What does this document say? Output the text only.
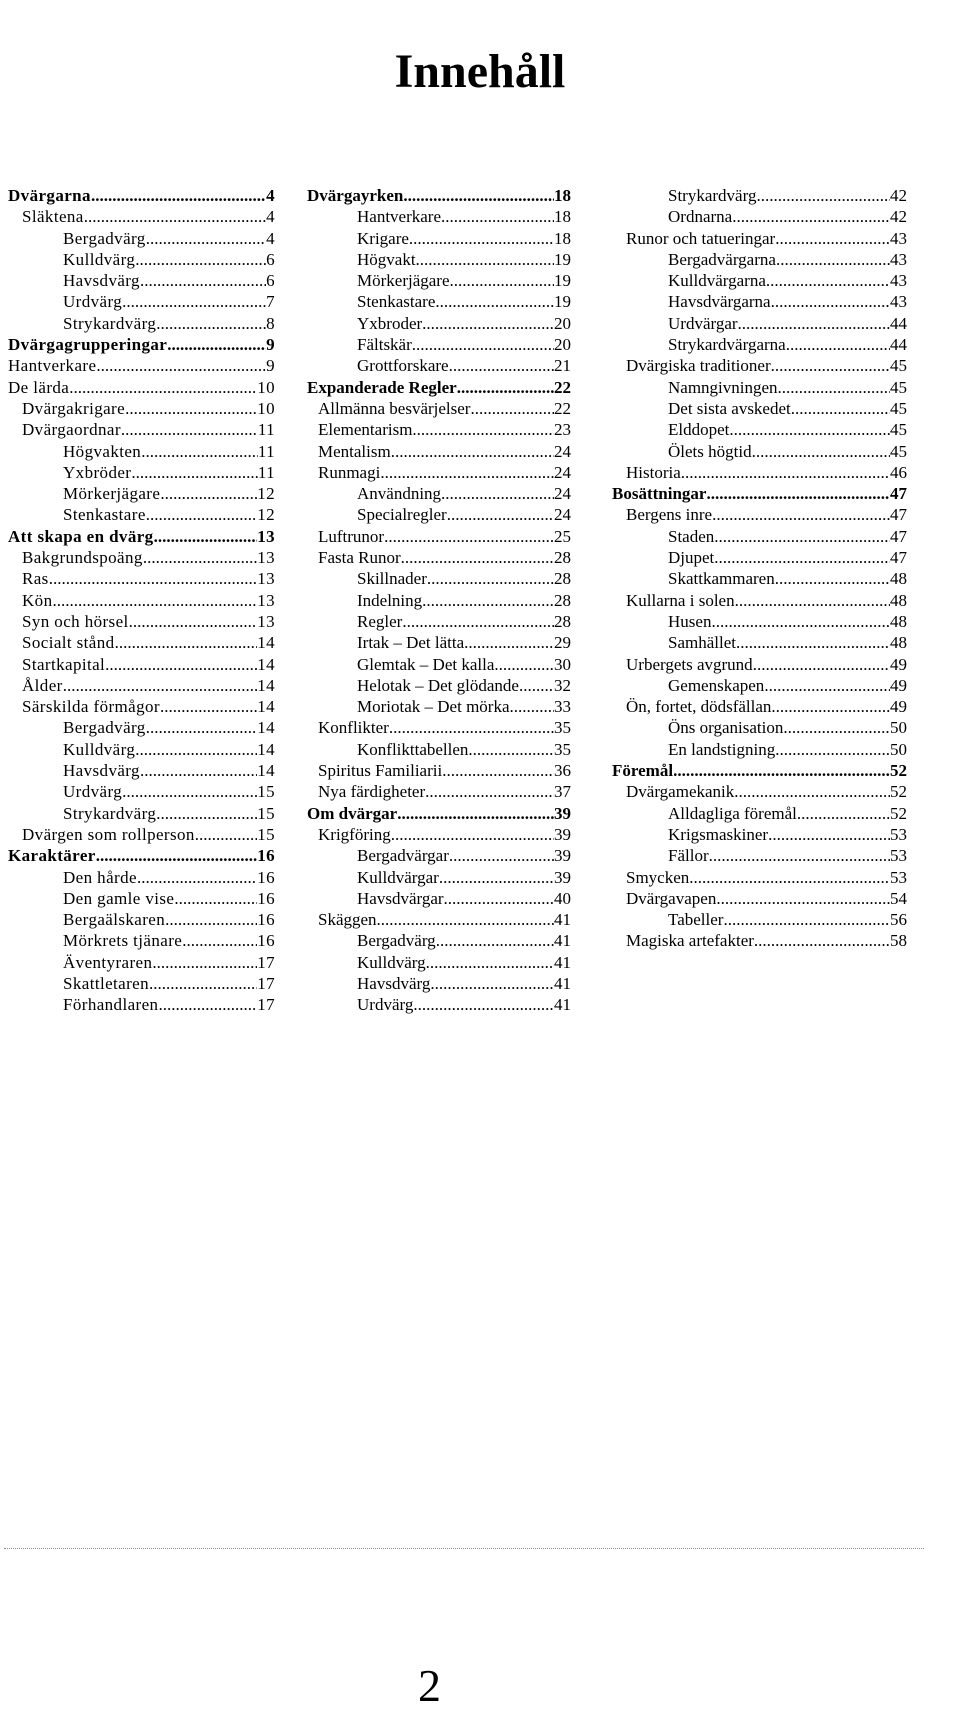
Innehåll
Dvärgarna .....	4
Släktena .....	4
Bergadvärg .....	4
Kulldvärg .....	6
Havsdvärg .....	6
Urdvärg .....	7
Strykardvärg .....	8
Dvärgagrupperingar .....	9
Hantverkare .....	9
De lärda .....	10
Dvärgakrigare .....	10
Dvärgaordnar .....	11
Högvakten .....	11
Yxbröder .....	11
Mörkerjägare .....	12
Stenkastare .....	12
Att skapa en dvärg .....	13
Bakgrundspoäng .....	13
Ras .....	13
Kön .....	13
Syn och hörsel .....	13
Socialt stånd .....	14
Startkapital .....	14
Ålder .....	14
Särskilda förmågor .....	14
Bergadvärg .....	14
Kulldvärg .....	14
Havsdvärg .....	14
Urdvärg .....	15
Strykardvärg .....	15
Dvärgen som rollperson .....	15
Karaktärer .....	16
Den hårde .....	16
Den gamle vise .....	16
Bergaälskaren .....	16
Mörkrets tjänare .....	16
Äventyraren .....	17
Skattletaren .....	17
Förhandlaren .....	17
Dvärgayrken .....	18
Hantverkare .....	18
Krigare .....	18
Högvakt .....	19
Mörkerjägare .....	19
Stenkastare .....	19
Yxbroder .....	20
Fältskär .....	20
Grottforskare .....	21
Expanderade Regler .....	22
Allmänna besvärjelser .....	22
Elementarism .....	23
Mentalism .....	24
Runmagi .....	24
Användning .....	24
Specialregler .....	24
Luftrunor .....	25
Fasta Runor .....	28
Skillnader .....	28
Indelning .....	28
Regler .....	28
Irtak – Det lätta .....	29
Glemtak – Det kalla .....	30
Helotak – Det glödande ..... 32
Moriotak – Det mörka .....	33
Konflikter .....	35
Konflikttabellen .....	35
Spiritus Familiarii .....	36
Nya färdigheter .....	37
Om dvärgar .....	39
Krigföring .....	39
Bergadvärgar .....	39
Kulldvärgar .....	39
Havsdvärgar .....	40
Skäggen .....	41
Bergadvärg .....	41
Kulldvärg .....	41
Havsdvärg .....	41
Urdvärg .....	41
Strykardvärg .....	42
Ordnarna .....	42
Runor och tatueringar .....	43
Bergadvärgarna .....	43
Kulldvärgarna .....	43
Havsdvärgarna .....	43
Urdvärgar .....	44
Strykardvärgarna .....	44
Dvärgiska traditioner .....	45
Namngivningen .....	45
Det sista avskedet .....	45
Elddopet .....	45
Ölets högtid .....	45
Historia .....	46
Bosättningar .....	47
Bergens inre .....	47
Staden .....	47
Djupet .....	47
Skattkammaren .....	48
Kullarna i solen .....	48
Husen .....	48
Samhället .....	48
Urbergets avgrund .....	49
Gemenskapen .....	49
Ön, fortet, dödsfällan .....	49
Öns organisation .....	50
En landstigning .....	50
Föremål .....	52
Dvärgamekanik .....	52
Alldagliga föremål .....	52
Krigsmaskiner .....	53
Fällor .....	53
Smycken .....	53
Dvärgavapen .....	54
Tabeller .....	56
Magiska artefakter .....	58
2
